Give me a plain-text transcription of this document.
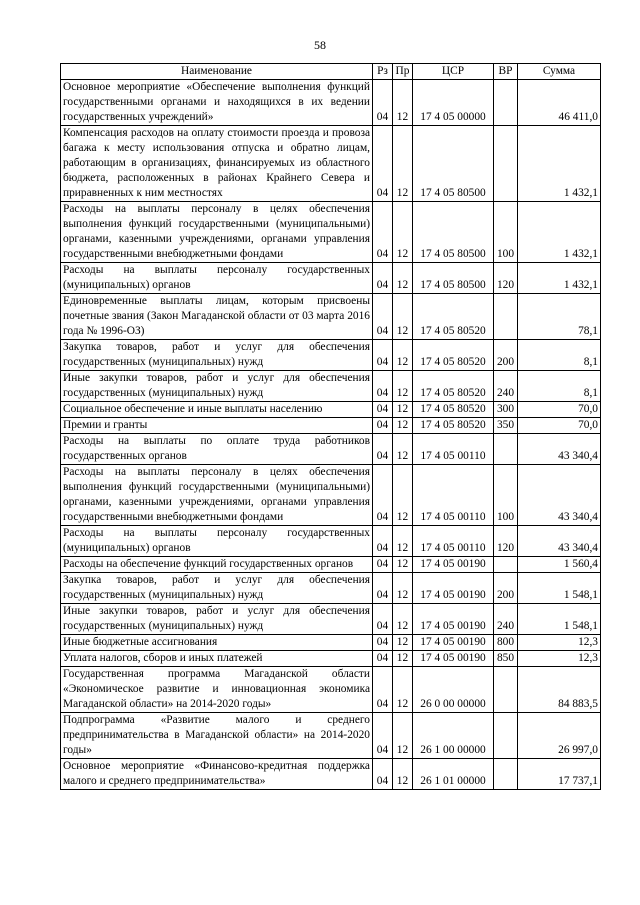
58
Наименование	Рз	Пр	ЦСР	ВР	Сумма
Основное мероприятие «Обеспечение выполнения функций государственными органами и находящихся в их ведении государственных учреждений»	04	12	17 4 05 00000		46 411,0
Компенсация расходов на оплату стоимости проезда и провоза багажа к месту использования отпуска и обратно лицам, работающим в организациях, финансируемых из областного бюджета, расположенных в районах Крайнего Севера и приравненных к ним местностях	04	12	17 4 05 80500		1 432,1
Расходы на выплаты персоналу в целях обеспечения выполнения функций государственными (муниципальными) органами, казенными учреждениями, органами управления государственными внебюджетными фондами	04	12	17 4 05 80500	100	1 432,1
Расходы на выплаты персоналу государственных (муниципальных) органов	04	12	17 4 05 80500	120	1 432,1
Единовременные выплаты лицам, которым присвоены почетные звания (Закон Магаданской области от 03 марта 2016 года № 1996-ОЗ)	04	12	17 4 05 80520		78,1
Закупка товаров, работ и услуг для обеспечения государственных (муниципальных) нужд	04	12	17 4 05 80520	200	8,1
Иные закупки товаров, работ и услуг для обеспечения государственных (муниципальных) нужд	04	12	17 4 05 80520	240	8,1
Социальное обеспечение и иные выплаты населению	04	12	17 4 05 80520	300	70,0
Премии и гранты	04	12	17 4 05 80520	350	70,0
Расходы на выплаты по оплате труда работников государственных органов	04	12	17 4 05 00110		43 340,4
Расходы на выплаты персоналу в целях обеспечения выполнения функций государственными (муниципальными) органами, казенными учреждениями, органами управления государственными внебюджетными фондами	04	12	17 4 05 00110	100	43 340,4
Расходы на выплаты персоналу государственных (муниципальных) органов	04	12	17 4 05 00110	120	43 340,4
Расходы на обеспечение функций государственных органов	04	12	17 4 05 00190		1 560,4
Закупка товаров, работ и услуг для обеспечения государственных (муниципальных) нужд	04	12	17 4 05 00190	200	1 548,1
Иные закупки товаров, работ и услуг для обеспечения государственных (муниципальных) нужд	04	12	17 4 05 00190	240	1 548,1
Иные бюджетные ассигнования	04	12	17 4 05 00190	800	12,3
Уплата налогов, сборов и иных платежей	04	12	17 4 05 00190	850	12,3
Государственная программа Магаданской области «Экономическое развитие и инновационная экономика Магаданской области» на 2014-2020 годы»	04	12	26 0 00 00000		84 883,5
Подпрограмма «Развитие малого и среднего предпринимательства в Магаданской области» на 2014-2020 годы»	04	12	26 1 00 00000		26 997,0
Основное мероприятие «Финансово-кредитная поддержка малого и среднего предпринимательства»	04	12	26 1 01 00000		17 737,1
